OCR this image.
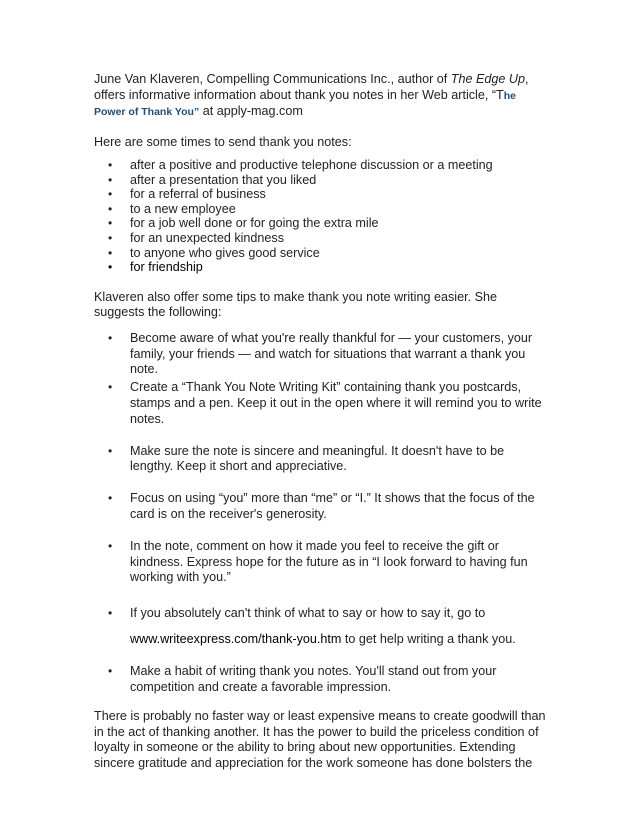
June Van Klaveren, Compelling Communications Inc., author of The Edge Up, offers informative information about thank you notes in her Web article, “The
Power of Thank You” at apply-mag.com

Here are some times to send thank you notes:

• after a positive and productive telephone discussion or a meeting
• after a presentation that you liked
• for a referral of business
• to a new employee
• for a job well done or for going the extra mile
• for an unexpected kindness
• to anyone who gives good service
• for friendship

Klaveren also offer some tips to make thank you note writing easier. She suggests the following:

• Become aware of what you're really thankful for — your customers, your family, your friends — and watch for situations that warrant a thank you note.
• Create a “Thank You Note Writing Kit” containing thank you postcards, stamps and a pen. Keep it out in the open where it will remind you to write notes.
• Make sure the note is sincere and meaningful. It doesn't have to be lengthy. Keep it short and appreciative.
• Focus on using “you” more than “me” or “I.” It shows that the focus of the card is on the receiver's generosity.
• In the note, comment on how it made you feel to receive the gift or kindness. Express hope for the future as in “I look forward to having fun working with you.”
• If you absolutely can't think of what to say or how to say it, go to
www.writeexpress.com/thank-you.htm to get help writing a thank you.
• Make a habit of writing thank you notes. You'll stand out from your competition and create a favorable impression.

There is probably no faster way or least expensive means to create goodwill than in the act of thanking another. It has the power to build the priceless condition of loyalty in someone or the ability to bring about new opportunities. Extending sincere gratitude and appreciation for the work someone has done bolsters the
